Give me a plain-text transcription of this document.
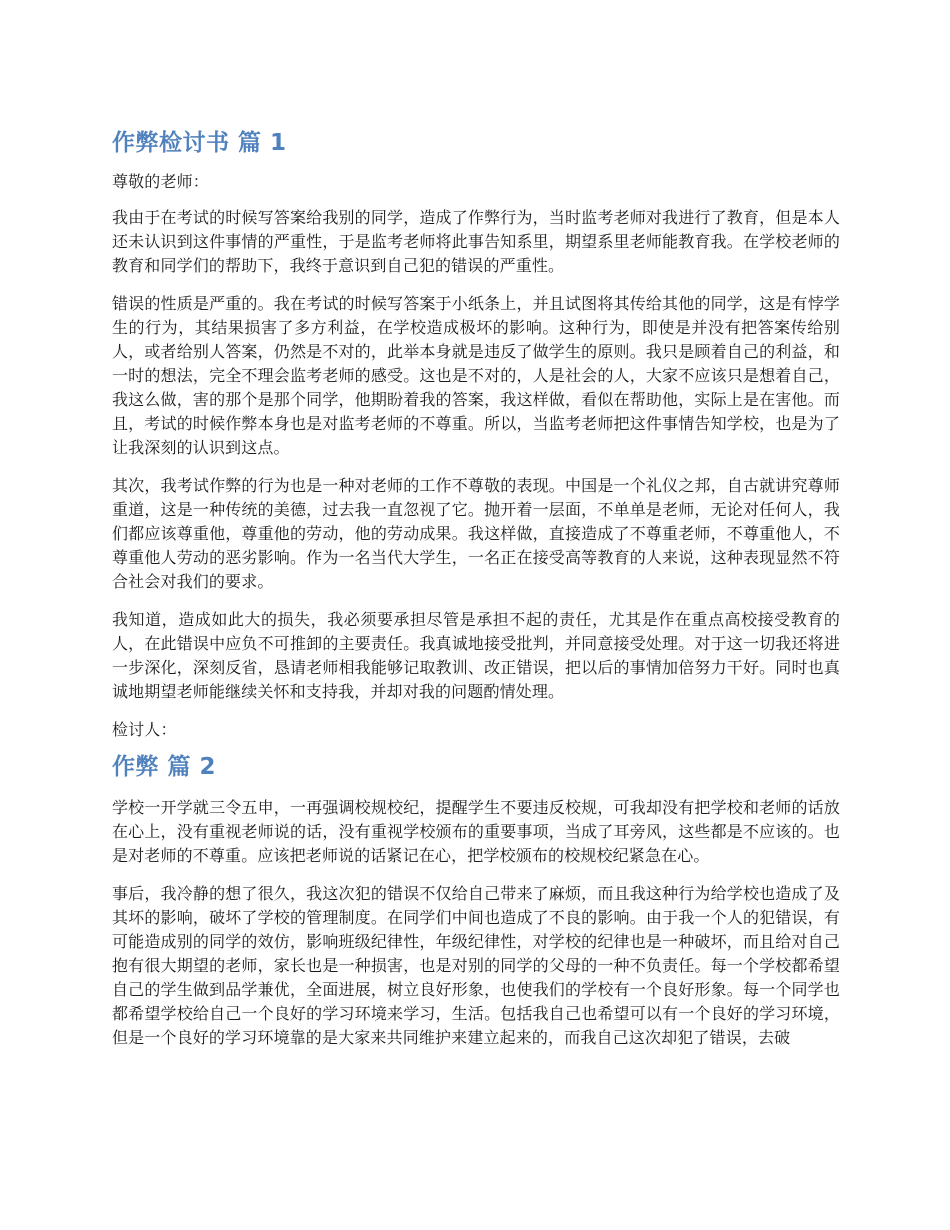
作弊检讨书 篇 1

尊敬的老师：

我由于在考试的时候写答案给我别的同学，造成了作弊行为，当时监考老师对我进行了教育，但是本人还未认识到这件事情的严重性，于是监考老师将此事告知系里，期望系里老师能教育我。在学校老师的教育和同学们的帮助下，我终于意识到自己犯的错误的严重性。

错误的性质是严重的。我在考试的时候写答案于小纸条上，并且试图将其传给其他的同学，这是有悖学生的行为，其结果损害了多方利益，在学校造成极坏的影响。这种行为，即使是并没有把答案传给别人，或者给别人答案，仍然是不对的，此举本身就是违反了做学生的原则。我只是顾着自己的利益，和一时的想法，完全不理会监考老师的感受。这也是不对的，人是社会的人，大家不应该只是想着自己，我这么做，害的那个是那个同学，他期盼着我的答案，我这样做，看似在帮助他，实际上是在害他。而且，考试的时候作弊本身也是对监考老师的不尊重。所以，当监考老师把这件事情告知学校，也是为了让我深刻的认识到这点。

其次，我考试作弊的行为也是一种对老师的工作不尊敬的表现。中国是一个礼仪之邦，自古就讲究尊师重道，这是一种传统的美德，过去我一直忽视了它。抛开着一层面，不单单是老师，无论对任何人，我们都应该尊重他，尊重他的劳动，他的劳动成果。我这样做，直接造成了不尊重老师，不尊重他人，不尊重他人劳动的恶劣影响。作为一名当代大学生，一名正在接受高等教育的人来说，这种表现显然不符合社会对我们的要求。

我知道，造成如此大的损失，我必须要承担尽管是承担不起的责任，尤其是作在重点高校接受教育的人，在此错误中应负不可推卸的主要责任。我真诚地接受批判，并同意接受处理。对于这一切我还将进一步深化，深刻反省，恳请老师相我能够记取教训、改正错误，把以后的事情加倍努力干好。同时也真诚地期望老师能继续关怀和支持我，并却对我的问题酌情处理。

检讨人：

作弊 篇 2

学校一开学就三令五申，一再强调校规校纪，提醒学生不要违反校规，可我却没有把学校和老师的话放在心上，没有重视老师说的话，没有重视学校颁布的重要事项，当成了耳旁风，这些都是不应该的。也是对老师的不尊重。应该把老师说的话紧记在心，把学校颁布的校规校纪紧急在心。

事后，我冷静的想了很久，我这次犯的错误不仅给自己带来了麻烦，而且我这种行为给学校也造成了及其坏的影响，破坏了学校的管理制度。在同学们中间也造成了不良的影响。由于我一个人的犯错误，有可能造成别的同学的效仿，影响班级纪律性，年级纪律性，对学校的纪律也是一种破坏，而且给对自己抱有很大期望的老师，家长也是一种损害，也是对别的同学的父母的一种不负责任。每一个学校都希望自己的学生做到品学兼优，全面进展，树立良好形象，也使我们的学校有一个良好形象。每一个同学也都希望学校给自己一个良好的学习环境来学习，生活。包括我自己也希望可以有一个良好的学习环境，但是一个良好的学习环境靠的是大家来共同维护来建立起来的，而我自己这次却犯了错误，去破
